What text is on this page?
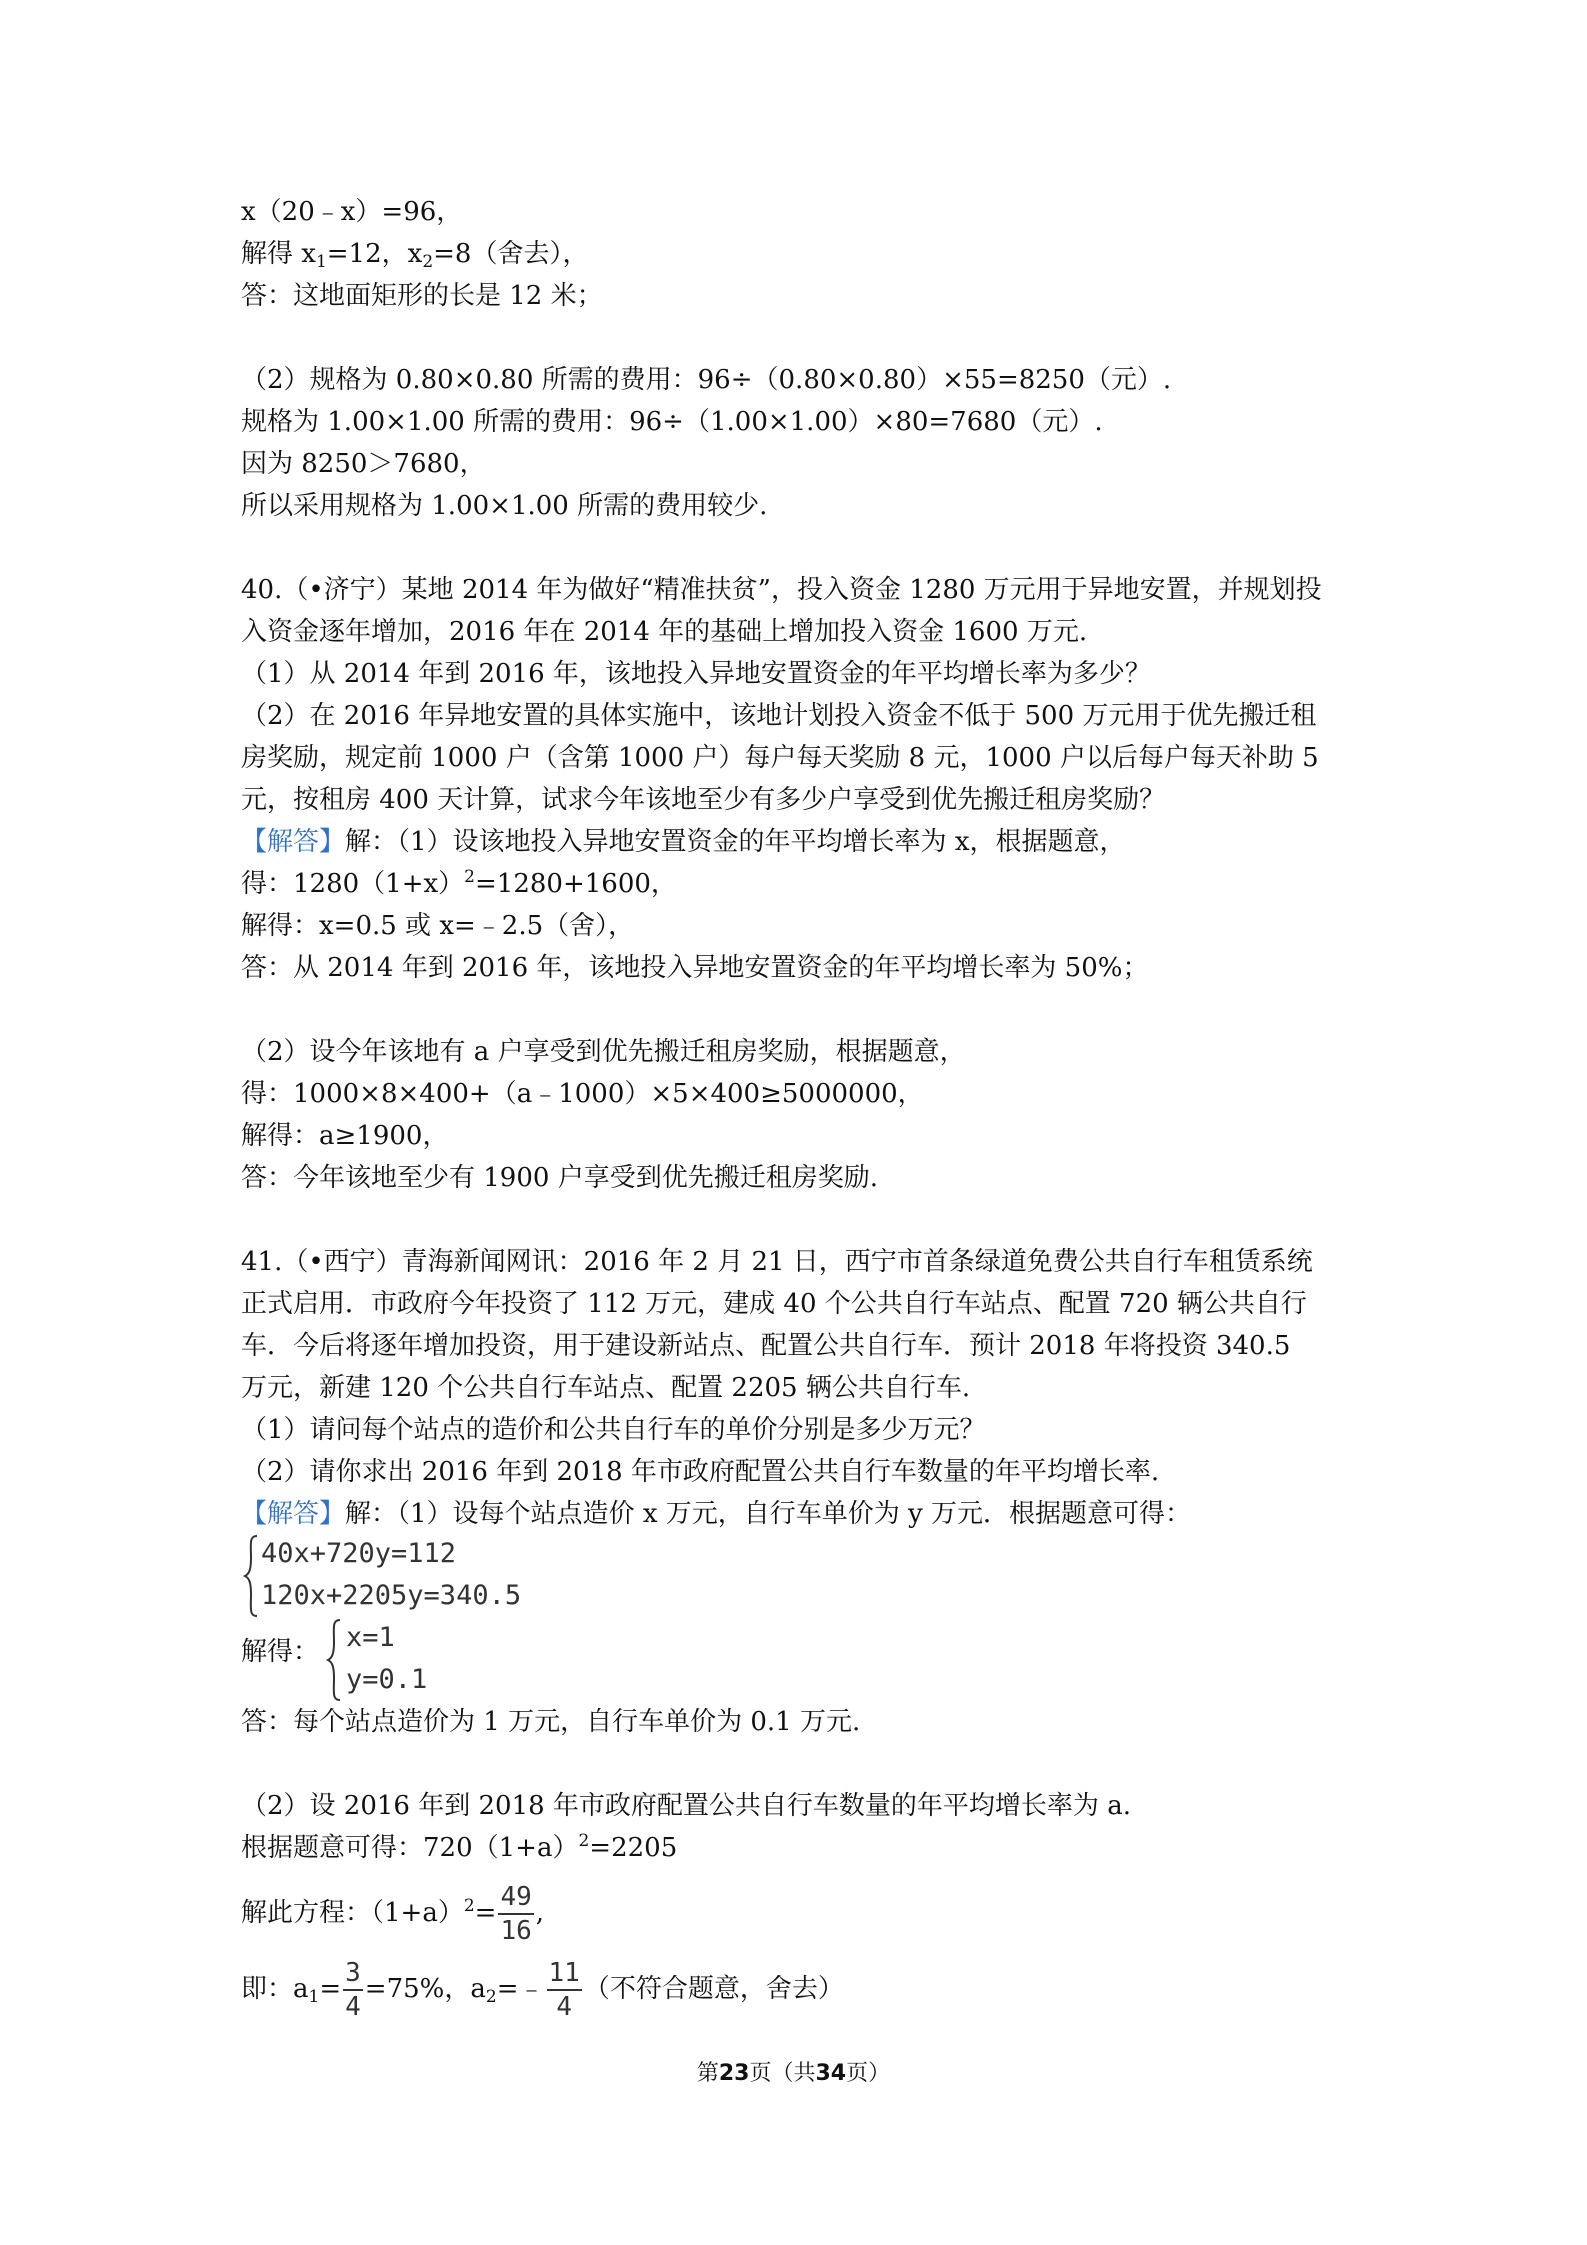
x（20﹣x）=96，
解得 $x_1=12$，$x_2=8$（舍去），
答：这地面矩形的长是 12 米；
（2）规格为 0.80×0.80 所需的费用：96÷（0.80×0.80）×55=8250（元）.
规格为 1.00×1.00 所需的费用：96÷（1.00×1.00）×80=7680（元）.
因为 8250＞7680，
所以采用规格为 1.00×1.00 所需的费用较少.
40.（•济宁）某地 2014 年为做好“精准扶贫”，投入资金 1280 万元用于异地安置，并规划投
入资金逐年增加，2016 年在 2014 年的基础上增加投入资金 1600 万元.
（1）从 2014 年到 2016 年，该地投入异地安置资金的年平均增长率为多少？
（2）在 2016 年异地安置的具体实施中，该地计划投入资金不低于 500 万元用于优先搬迁租
房奖励，规定前 1000 户（含第 1000 户）每户每天奖励 8 元，1000 户以后每户每天补助 5
元，按租房 400 天计算，试求今年该地至少有多少户享受到优先搬迁租房奖励？
【解答】解：（1）设该地投入异地安置资金的年平均增长率为 x，根据题意，
得：$1280(1+x)^2=1280+1600$，
解得：x=0.5 或 x=﹣2.5（舍），
答：从 2014 年到 2016 年，该地投入异地安置资金的年平均增长率为 50%；
（2）设今年该地有 a 户享受到优先搬迁租房奖励，根据题意，
得：1000×8×400+（a﹣1000）×5×400≥5000000，
解得：a≥1900，
答：今年该地至少有 1900 户享受到优先搬迁租房奖励.
41.（•西宁）青海新闻网讯：2016 年 2 月 21 日，西宁市首条绿道免费公共自行车租赁系统
正式启用．市政府今年投资了 112 万元，建成 40 个公共自行车站点、配置 720 辆公共自行
车．今后将逐年增加投资，用于建设新站点、配置公共自行车．预计 2018 年将投资 340.5
万元，新建 120 个公共自行车站点、配置 2205 辆公共自行车.
（1）请问每个站点的造价和公共自行车的单价分别是多少万元？
（2）请你求出 2016 年到 2018 年市政府配置公共自行车数量的年平均增长率.
【解答】解：（1）设每个站点造价 x 万元，自行车单价为 y 万元．根据题意可得：
40x+720y=112
120x+2205y=340.5
解得： x=1
y=0.1
答：每个站点造价为 1 万元，自行车单价为 0.1 万元.
（2）设 2016 年到 2018 年市政府配置公共自行车数量的年平均增长率为 a.
根据题意可得：$720(1+a)^2=2205$
解此方程：$(1+a)^2= \frac{49}{16}$ ,
即：$a_1= \frac{3}{4} =75\%$，$a_2=﹣ \frac{11}{4}$ （不符合题意，舍去）
第23页（共34页）
